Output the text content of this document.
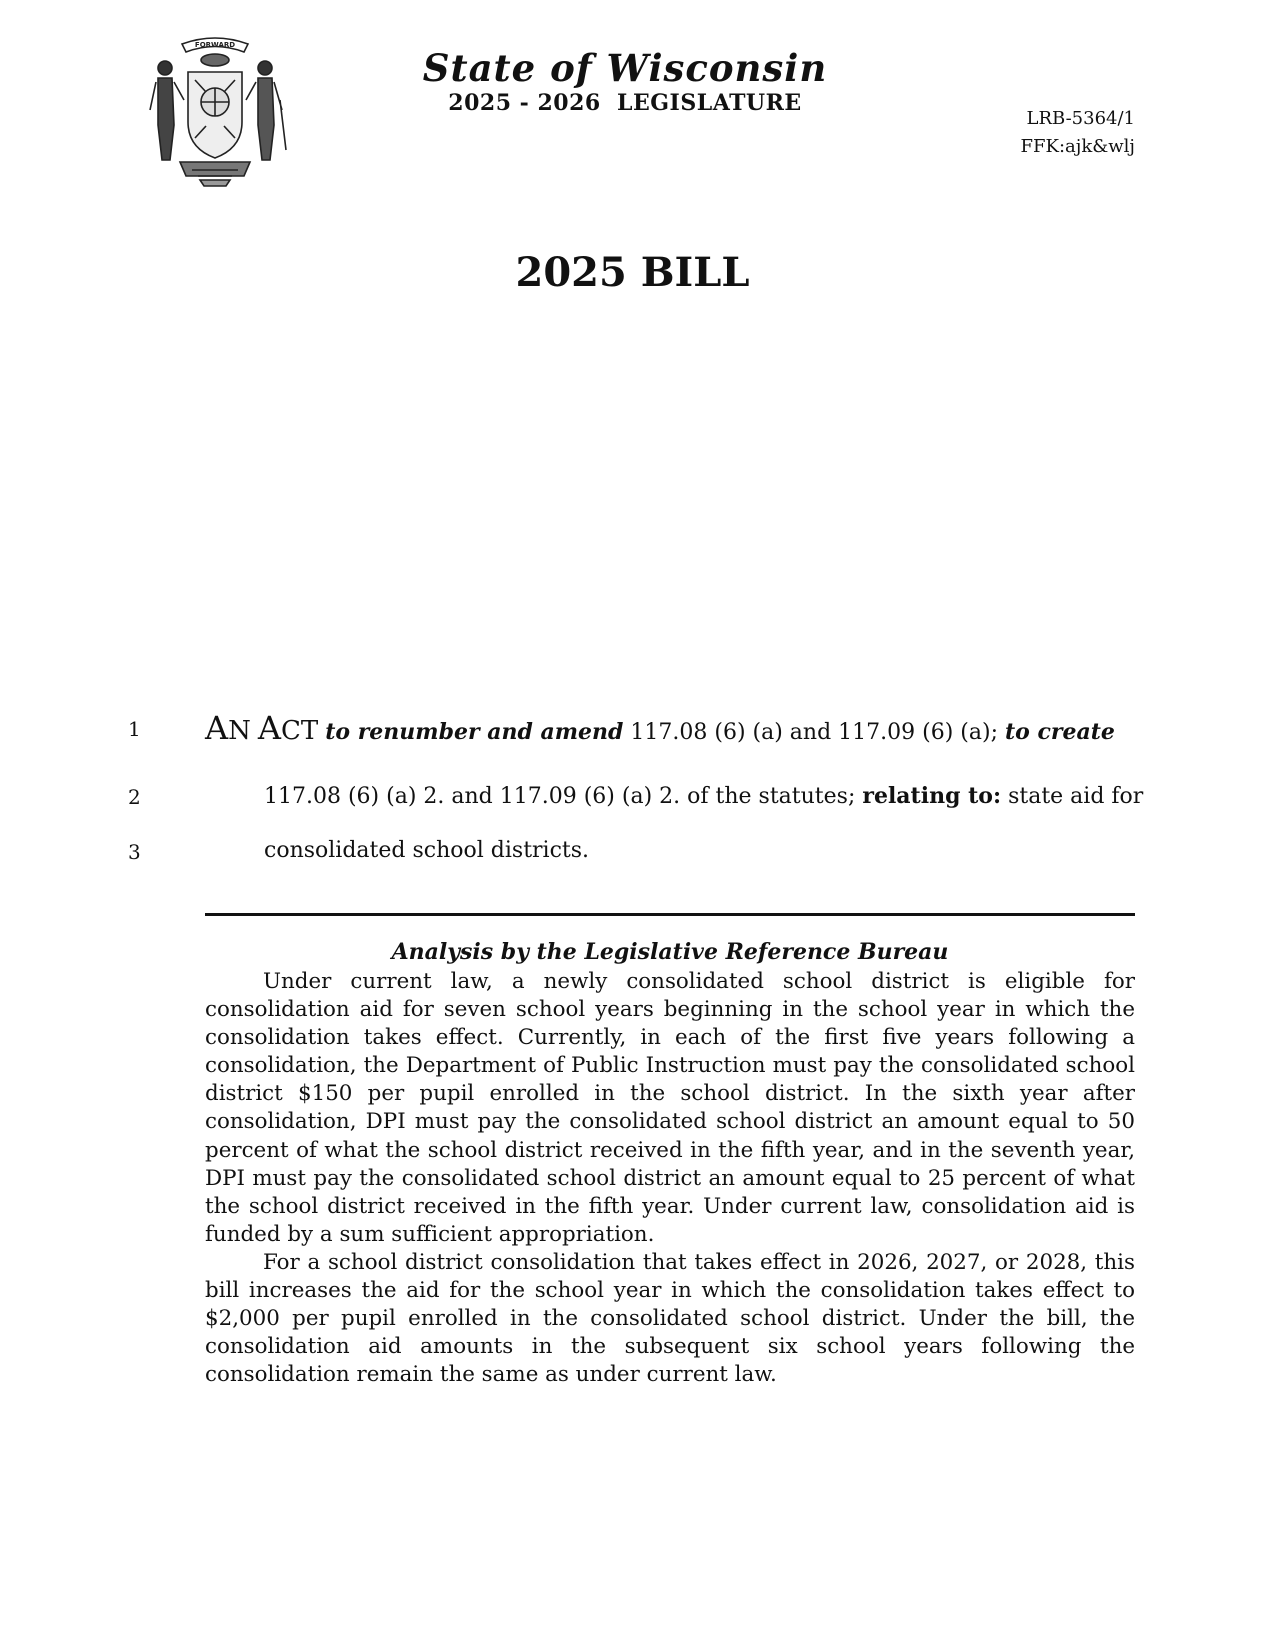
FORWARD
State of Wisconsin
2025 - 2026  LEGISLATURE
LRB-5364/1
FFK:ajk&wlj
2025 BILL
1
2
3
AN ACT to renumber and amend 117.08 (6) (a) and 117.09 (6) (a); to create
117.08 (6) (a) 2. and 117.09 (6) (a) 2. of the statutes; relating to: state aid for
consolidated school districts.
Analysis by the Legislative Reference Bureau

Under current law, a newly consolidated school district is eligible for consolidation aid for seven school years beginning in the school year in which the consolidation takes effect. Currently, in each of the first five years following a consolidation, the Department of Public Instruction must pay the consolidated school district $150 per pupil enrolled in the school district. In the sixth year after consolidation, DPI must pay the consolidated school district an amount equal to 50 percent of what the school district received in the fifth year, and in the seventh year, DPI must pay the consolidated school district an amount equal to 25 percent of what the school district received in the fifth year. Under current law, consolidation aid is funded by a sum sufficient appropriation.

For a school district consolidation that takes effect in 2026, 2027, or 2028, this bill increases the aid for the school year in which the consolidation takes effect to $2,000 per pupil enrolled in the consolidated school district. Under the bill, the consolidation aid amounts in the subsequent six school years following the consolidation remain the same as under current law.
